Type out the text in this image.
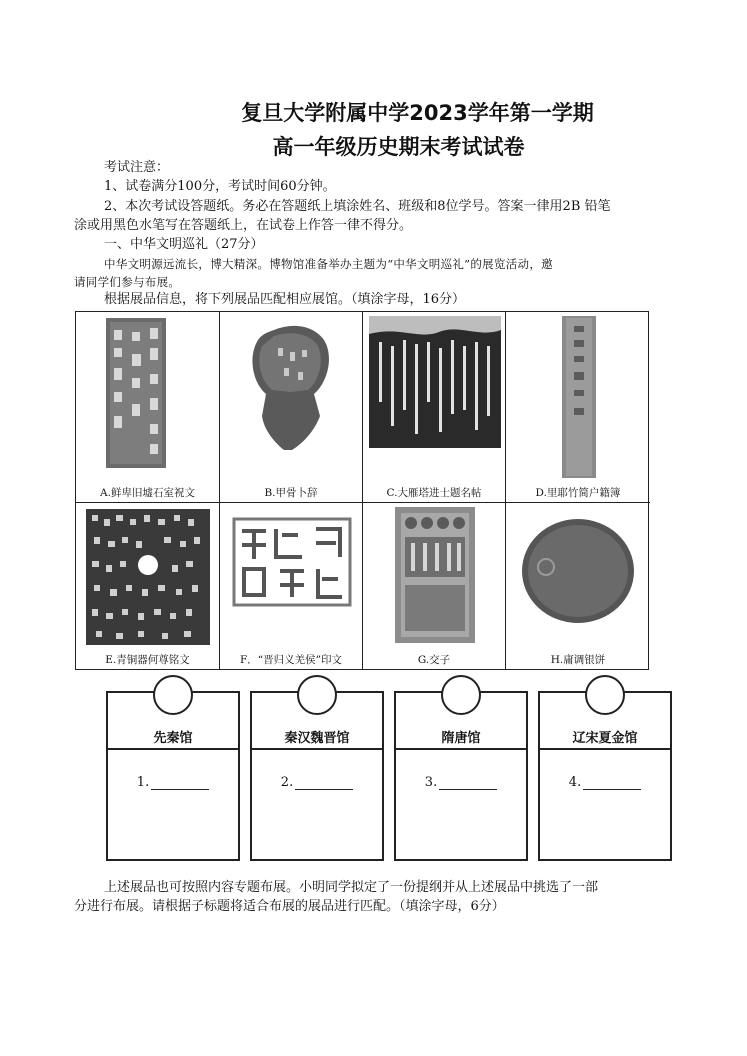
复旦大学附属中学2023学年第一学期
高一年级历史期末考试试卷
考试注意：
1、试卷满分100分，考试时间60分钟。
2、本次考试设答题纸。务必在答题纸上填涂姓名、班级和8位学号。答案一律用2B 铅笔
涂或用黑色水笔写在答题纸上，在试卷上作答一律不得分。
一、中华文明巡礼（27分）
中华文明源远流长，博大精深。博物馆准备举办主题为“中华文明巡礼”的展览活动，邀
请同学们参与布展。
根据展品信息，将下列展品匹配相应展馆。（填涂字母，16分）
A.鲜卑旧墟石室祝文	B.甲骨卜辞	C.大雁塔进士题名帖	D.里耶竹简户籍簿
E.青铜器何尊铭文	F．“晋归义羌侯”印文	G.交子	H.庸调银饼
先秦馆
1.
秦汉魏晋馆
2.
隋唐馆
3.
辽宋夏金馆
4.
上述展品也可按照内容专题布展。小明同学拟定了一份提纲并从上述展品中挑选了一部
分进行布展。请根据子标题将适合布展的展品进行匹配。（填涂字母，6分）
